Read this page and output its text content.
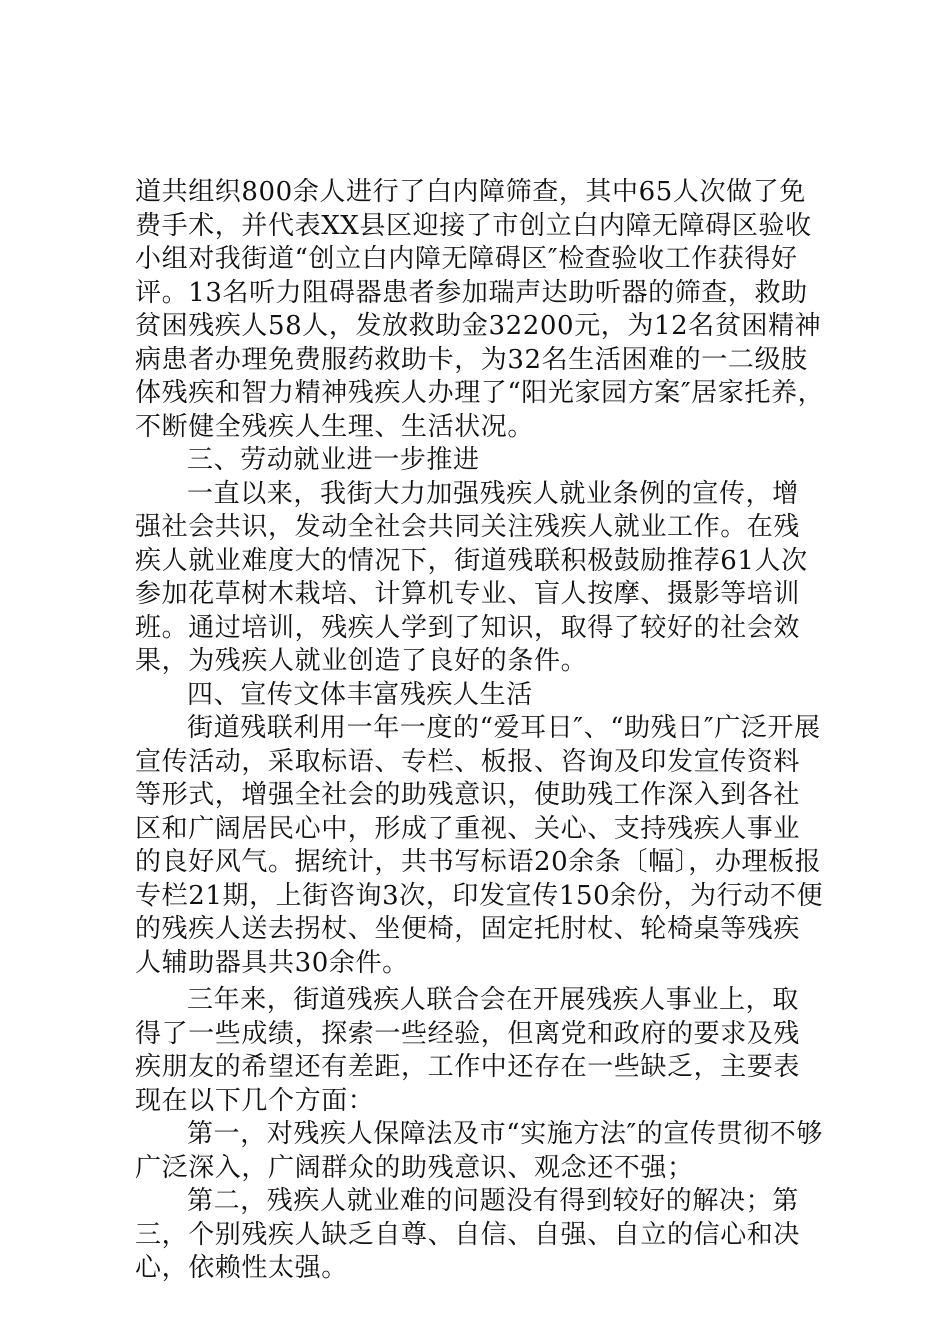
道共组织800余人进行了白内障筛查，其中65人次做了免费手术，并代表XX县区迎接了市创立白内障无障碍区验收小组对我街道“创立白内障无障碍区″检查验收工作获得好评。13名听力阻碍器患者参加瑞声达助听器的筛查，救助贫困残疾人58人，发放救助金32200元，为12名贫困精神病患者办理免费服药救助卡，为32名生活困难的一二级肢体残疾和智力精神残疾人办理了“阳光家园方案″居家托养，不断健全残疾人生理、生活状况。

三、劳动就业进一步推进

一直以来，我街大力加强残疾人就业条例的宣传，增强社会共识，发动全社会共同关注残疾人就业工作。在残疾人就业难度大的情况下，街道残联积极鼓励推荐61人次参加花草树木栽培、计算机专业、盲人按摩、摄影等培训班。通过培训，残疾人学到了知识，取得了较好的社会效果，为残疾人就业创造了良好的条件。

四、宣传文体丰富残疾人生活

街道残联利用一年一度的“爱耳日″、“助残日″广泛开展宣传活动，采取标语、专栏、板报、咨询及印发宣传资料等形式，增强全社会的助残意识，使助残工作深入到各社区和广阔居民心中，形成了重视、关心、支持残疾人事业的良好风气。据统计，共书写标语20余条〔幅〕，办理板报专栏21期，上街咨询3次，印发宣传150余份，为行动不便的残疾人送去拐杖、坐便椅，固定托肘杖、轮椅桌等残疾人辅助器具共30余件。

三年来，街道残疾人联合会在开展残疾人事业上，取得了一些成绩，探索一些经验，但离党和政府的要求及残疾朋友的希望还有差距，工作中还存在一些缺乏，主要表现在以下几个方面：

第一，对残疾人保障法及市“实施方法″的宣传贯彻不够广泛深入，广阔群众的助残意识、观念还不强；

第二，残疾人就业难的问题没有得到较好的解决；第三，个别残疾人缺乏自尊、自信、自强、自立的信心和决心，依赖性太强。
